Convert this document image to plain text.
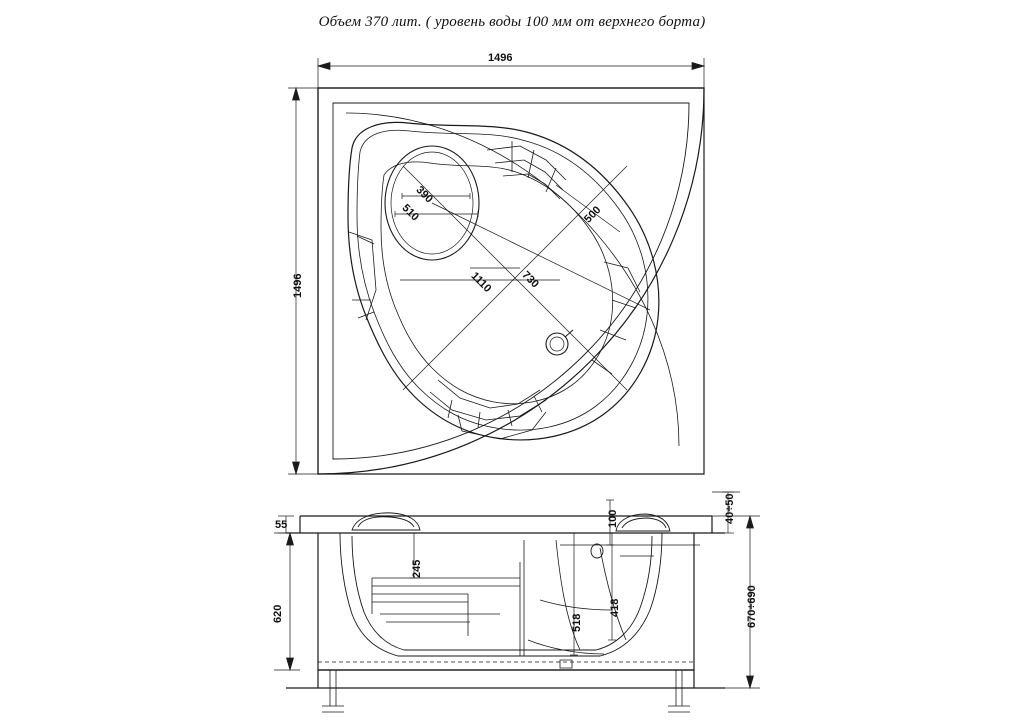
Объем 370 лит. ( уровень воды 100 мм от верхнего борта)
1496
1496
390
510	500
1110 730
55
620
245
518
418
100	40÷50
670÷690
